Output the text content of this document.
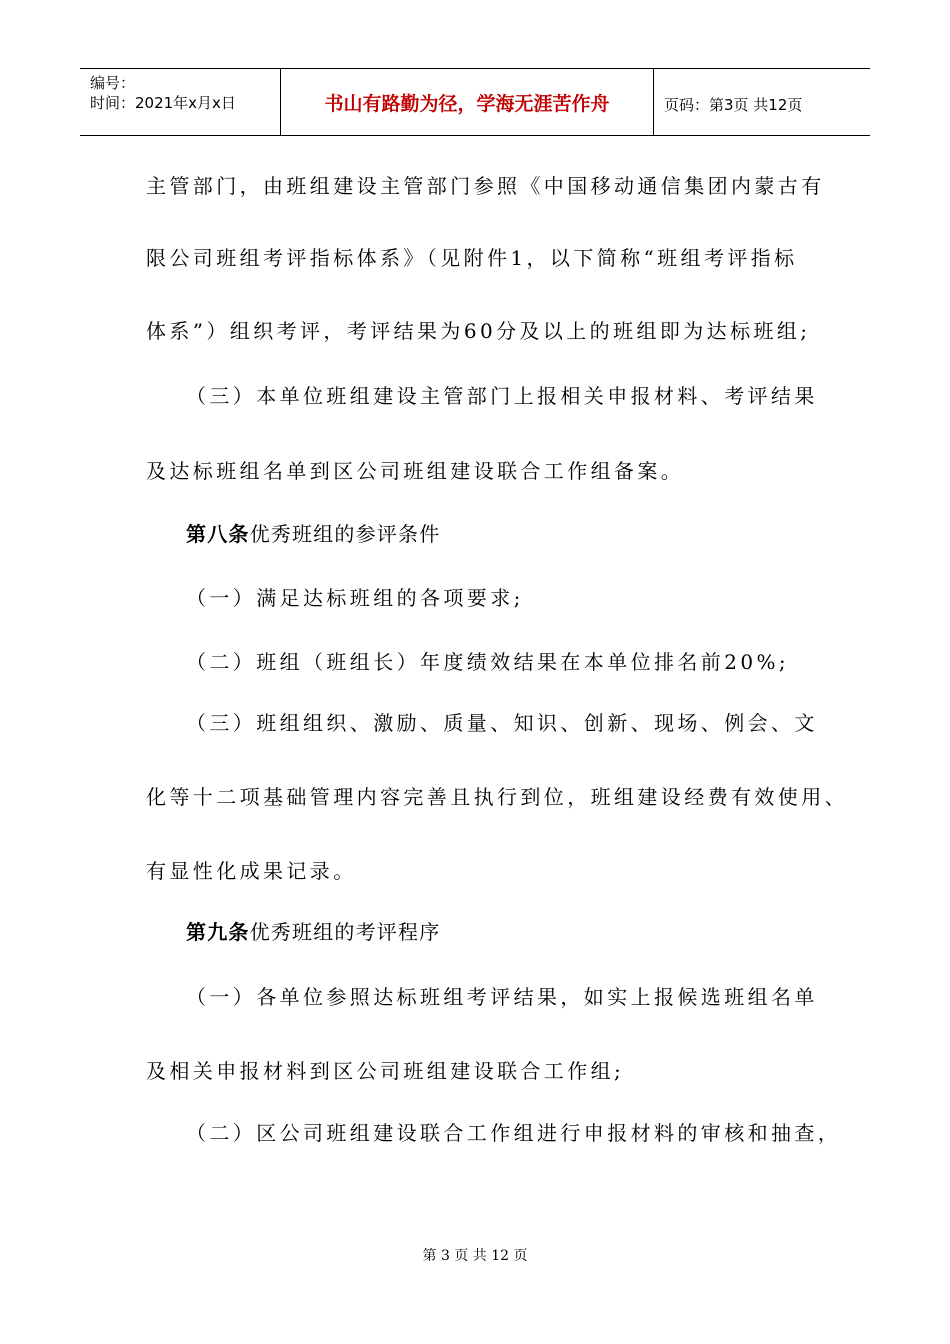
编号：
时间：2021年x月x日	书山有路勤为径，学海无涯苦作舟	页码：第3页 共12页
主管部门，由班组建设主管部门参照《中国移动通信集团内蒙古有
限公司班组考评指标体系》（见附件1，以下简称“班组考评指标
体系”）组织考评，考评结果为60分及以上的班组即为达标班组;
（三）本单位班组建设主管部门上报相关申报材料、考评结果
及达标班组名单到区公司班组建设联合工作组备案。
第八条优秀班组的参评条件
（一）满足达标班组的各项要求;
（二）班组（班组长）年度绩效结果在本单位排名前20%;
（三）班组组织、激励、质量、知识、创新、现场、例会、文
化等十二项基础管理内容完善且执行到位，班组建设经费有效使用、
有显性化成果记录。
第九条优秀班组的考评程序
（一）各单位参照达标班组考评结果，如实上报候选班组名单
及相关申报材料到区公司班组建设联合工作组;
（二）区公司班组建设联合工作组进行申报材料的审核和抽查，
第 3 页 共 12 页
